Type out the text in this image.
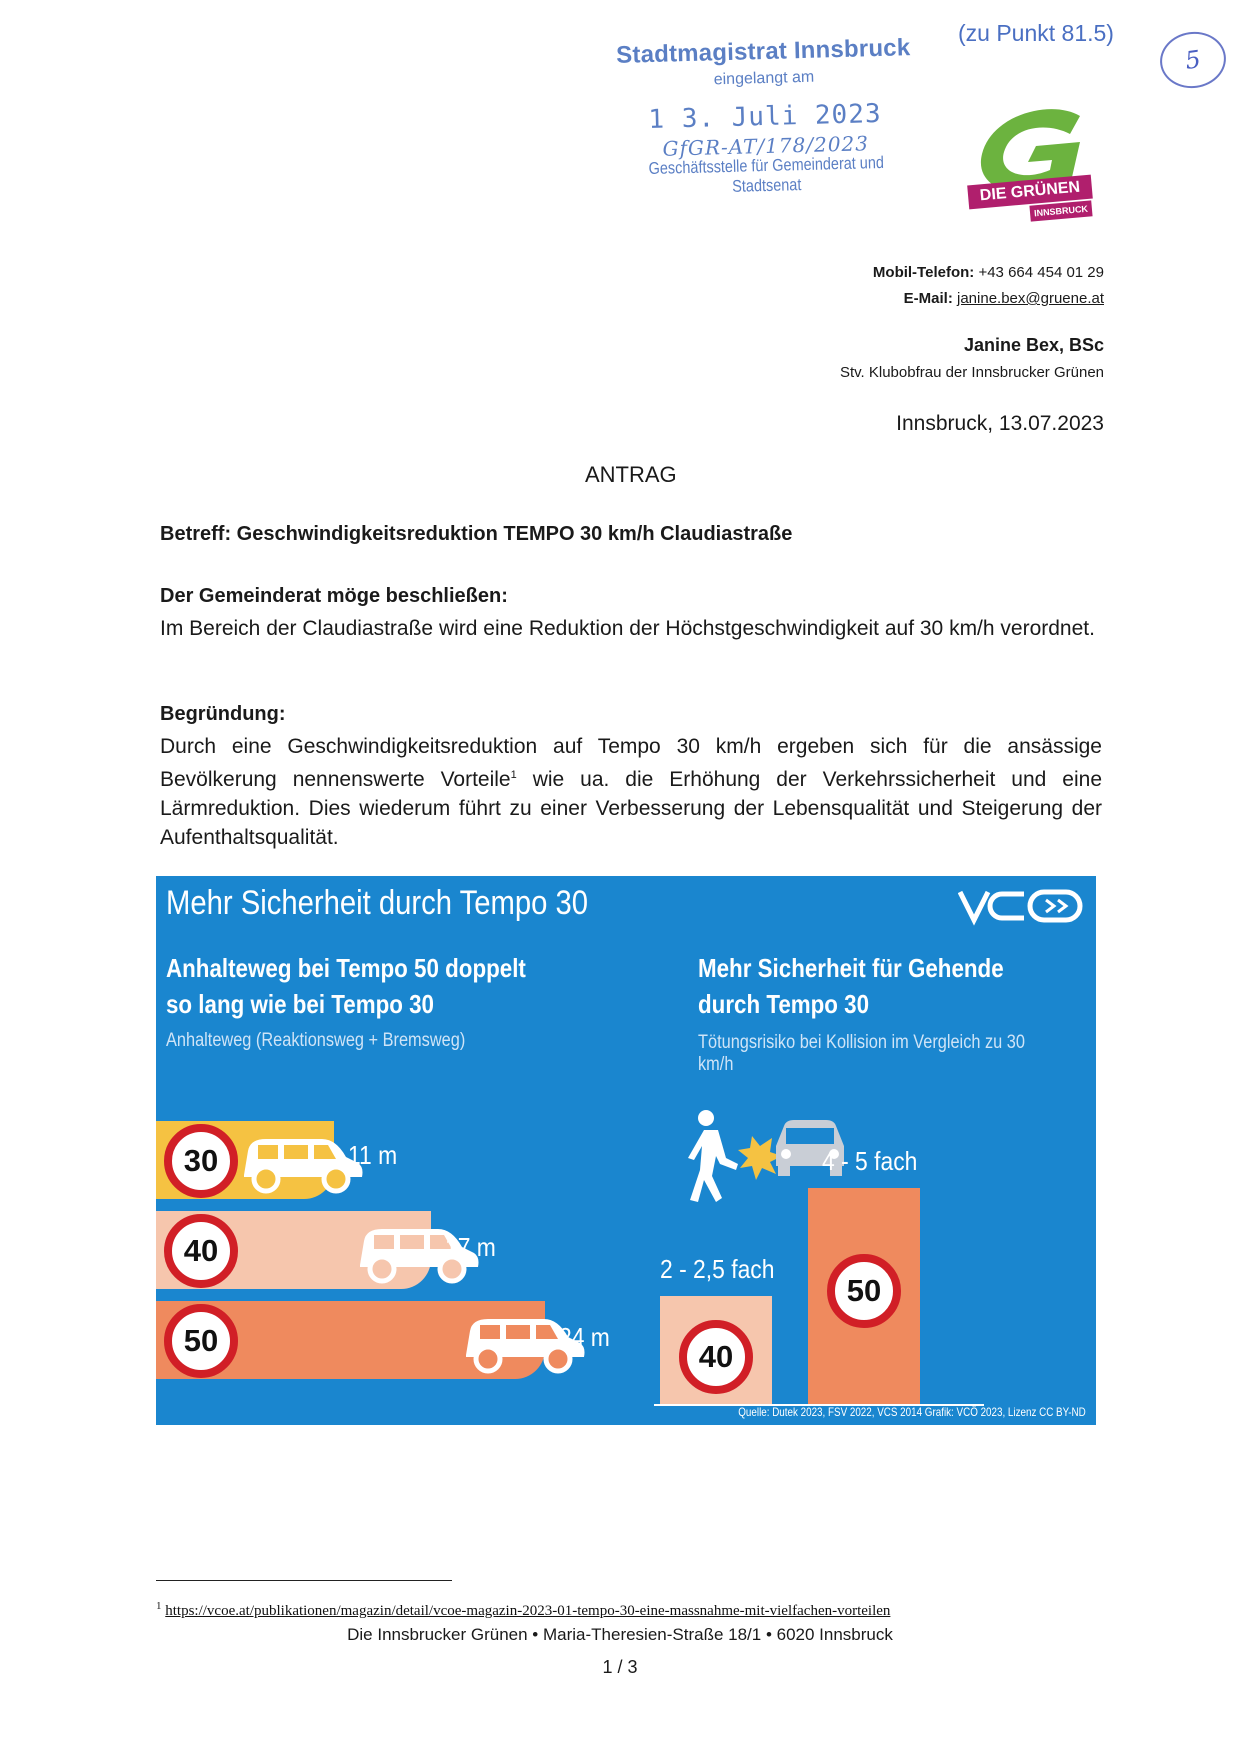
Stadtmagistrat Innsbruck
eingelangt am
1 3. Juli 2023
GfGR-AT/178/2023
Geschäftsstelle für Gemeinderat und Stadtsenat
(zu Punkt 81.5)
5
DIE GRÜNEN
INNSBRUCK
Mobil-Telefon: +43 664 454 01 29
E-Mail: janine.bex@gruene.at
Janine Bex, BSc
Stv. Klubobfrau der Innsbrucker Grünen
Innsbruck, 13.07.2023
ANTRAG
Betreff: Geschwindigkeitsreduktion TEMPO 30 km/h Claudiastraße
Der Gemeinderat möge beschließen:
Im Bereich der Claudiastraße wird eine Reduktion der Höchstgeschwindigkeit auf 30 km/h verordnet.
Begründung:
Durch eine Geschwindigkeitsreduktion auf Tempo 30 km/h ergeben sich für die ansässige Bevölkerung nennenswerte Vorteile$^1$ wie ua. die Erhöhung der Verkehrssicherheit und eine Lärmreduktion. Dies wiederum führt zu einer Verbesserung der Lebensqualität und Steigerung der Aufenthaltsqualität.
Mehr Sicherheit durch Tempo 30
Anhalteweg bei Tempo 50 doppelt
so lang wie bei Tempo 30
Anhalteweg (Reaktionsweg + Bremsweg)
Mehr Sicherheit für Gehende
durch Tempo 30
Tötungsrisiko bei Kollision im Vergleich zu 30 km/h
30
40
50
11 m
17 m
24 m
40
50
2 - 2,5 fach
4 - 5 fach
Quelle: Dutek 2023, FSV 2022, VCS 2014 Grafik: VCÖ 2023, Lizenz CC BY-ND
$^1$ https://vcoe.at/publikationen/magazin/detail/vcoe-magazin-2023-01-tempo-30-eine-massnahme-mit-vielfachen-vorteilen
Die Innsbrucker Grünen • Maria-Theresien-Straße 18/1 • 6020 Innsbruck
1 / 3
